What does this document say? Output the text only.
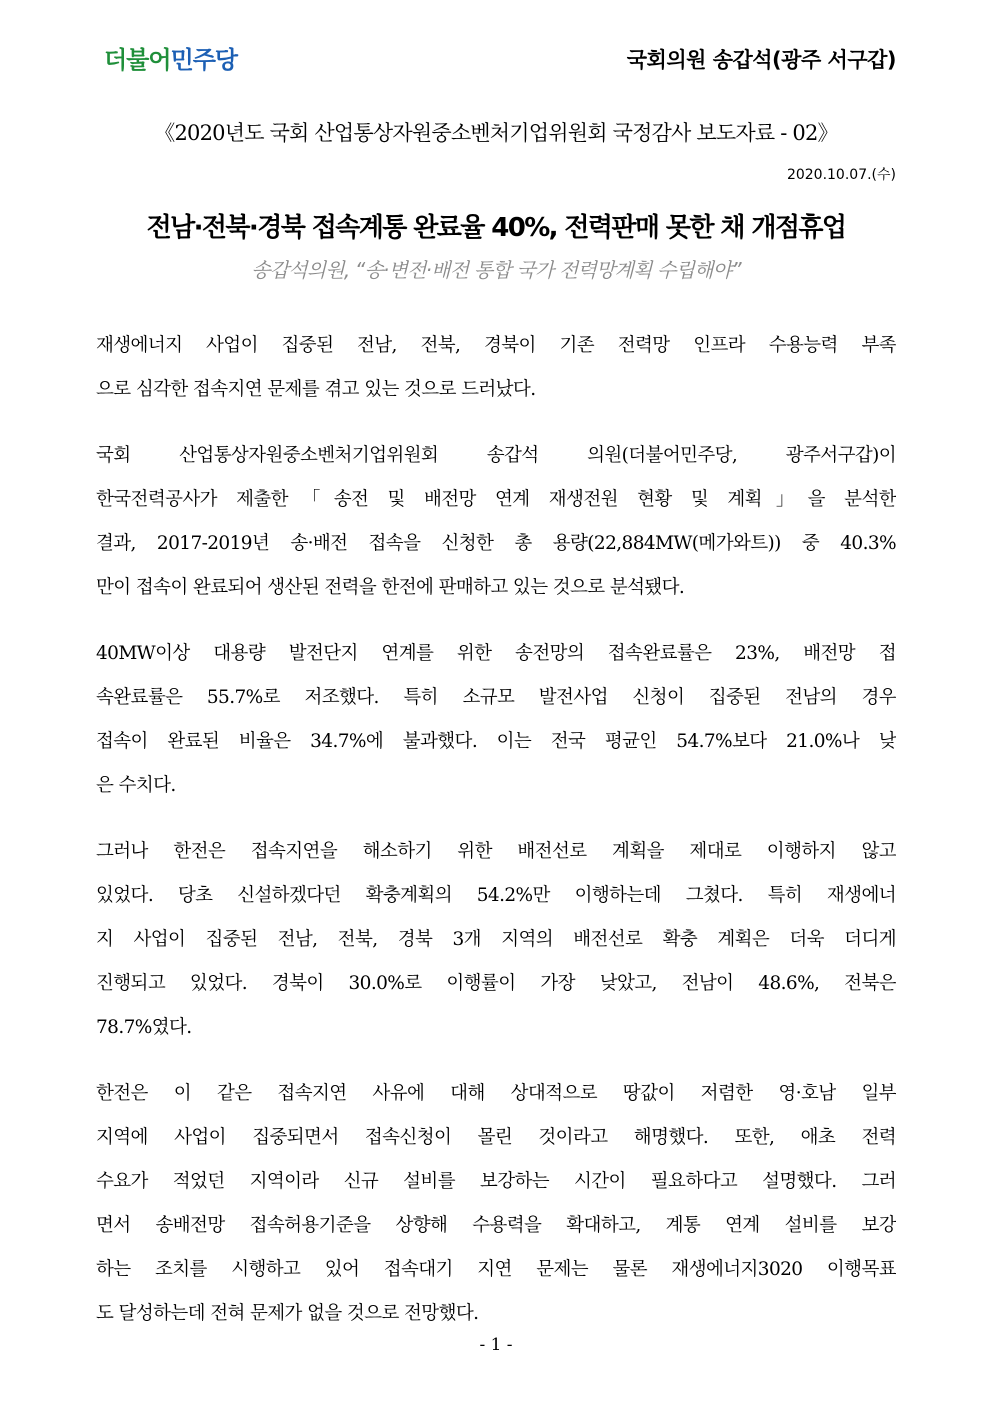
더불어민주당	국회의원 송갑석(광주 서구갑)
《2020년도 국회 산업통상자원중소벤처기업위원회 국정감사 보도자료 - 02》
2020.10.07.(수)
전남·전북·경북 접속계통 완료율 40%, 전력판매 못한 채 개점휴업
송갑석의원, “송·변전·배전 통합 국가 전력망계획 수립해야”
재생에너지 사업이 집중된 전남, 전북, 경북이 기존 전력망 인프라 수용능력 부족
으로 심각한 접속지연 문제를 겪고 있는 것으로 드러났다.
국회 산업통상자원중소벤처기업위원회 송갑석 의원(더불어민주당, 광주서구갑)이
한국전력공사가 제출한「송전 및 배전망 연계 재생전원 현황 및 계획」을 분석한
결과, 2017-2019년 송·배전 접속을 신청한 총 용량(22,884MW(메가와트)) 중 40.3%
만이 접속이 완료되어 생산된 전력을 한전에 판매하고 있는 것으로 분석됐다.
40MW이상 대용량 발전단지 연계를 위한 송전망의 접속완료률은 23%, 배전망 접
속완료률은 55.7%로 저조했다. 특히 소규모 발전사업 신청이 집중된 전남의 경우
접속이 완료된 비율은 34.7%에 불과했다. 이는 전국 평균인 54.7%보다 21.0%나 낮
은 수치다.
그러나 한전은 접속지연을 해소하기 위한 배전선로 계획을 제대로 이행하지 않고
있었다. 당초 신설하겠다던 확충계획의 54.2%만 이행하는데 그쳤다. 특히 재생에너
지 사업이 집중된 전남, 전북, 경북 3개 지역의 배전선로 확충 계획은 더욱 더디게
진행되고 있었다. 경북이 30.0%로 이행률이 가장 낮았고, 전남이 48.6%, 전북은
78.7%였다.
한전은 이 같은 접속지연 사유에 대해 상대적으로 땅값이 저렴한 영·호남 일부
지역에 사업이 집중되면서 접속신청이 몰린 것이라고 해명했다. 또한, 애초 전력
수요가 적었던 지역이라 신규 설비를 보강하는 시간이 필요하다고 설명했다. 그러
면서 송배전망 접속허용기준을 상향해 수용력을 확대하고, 계통 연계 설비를 보강
하는 조치를 시행하고 있어 접속대기 지연 문제는 물론 재생에너지3020 이행목표
도 달성하는데 전혀 문제가 없을 것으로 전망했다.
- 1 -
